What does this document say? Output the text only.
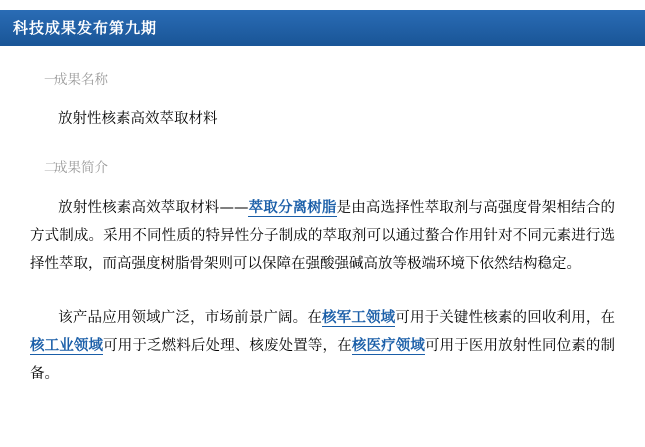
科技成果发布第九期
一
成果名称
放射性核素高效萃取材料
二
成果简介

放射性核素高效萃取材料——萃取分离树脂是由高选择性萃取剂与高强度骨架相结合的方式制成。采用不同性质的特异性分子制成的萃取剂可以通过螯合作用针对不同元素进行选择性萃取，而高强度树脂骨架则可以保障在强酸强碱高放等极端环境下依然结构稳定。

该产品应用领域广泛，市场前景广阔。在核军工领域可用于关键性核素的回收利用，在核工业领域可用于乏燃料后处理、核废处置等，在核医疗领域可用于医用放射性同位素的制备。
